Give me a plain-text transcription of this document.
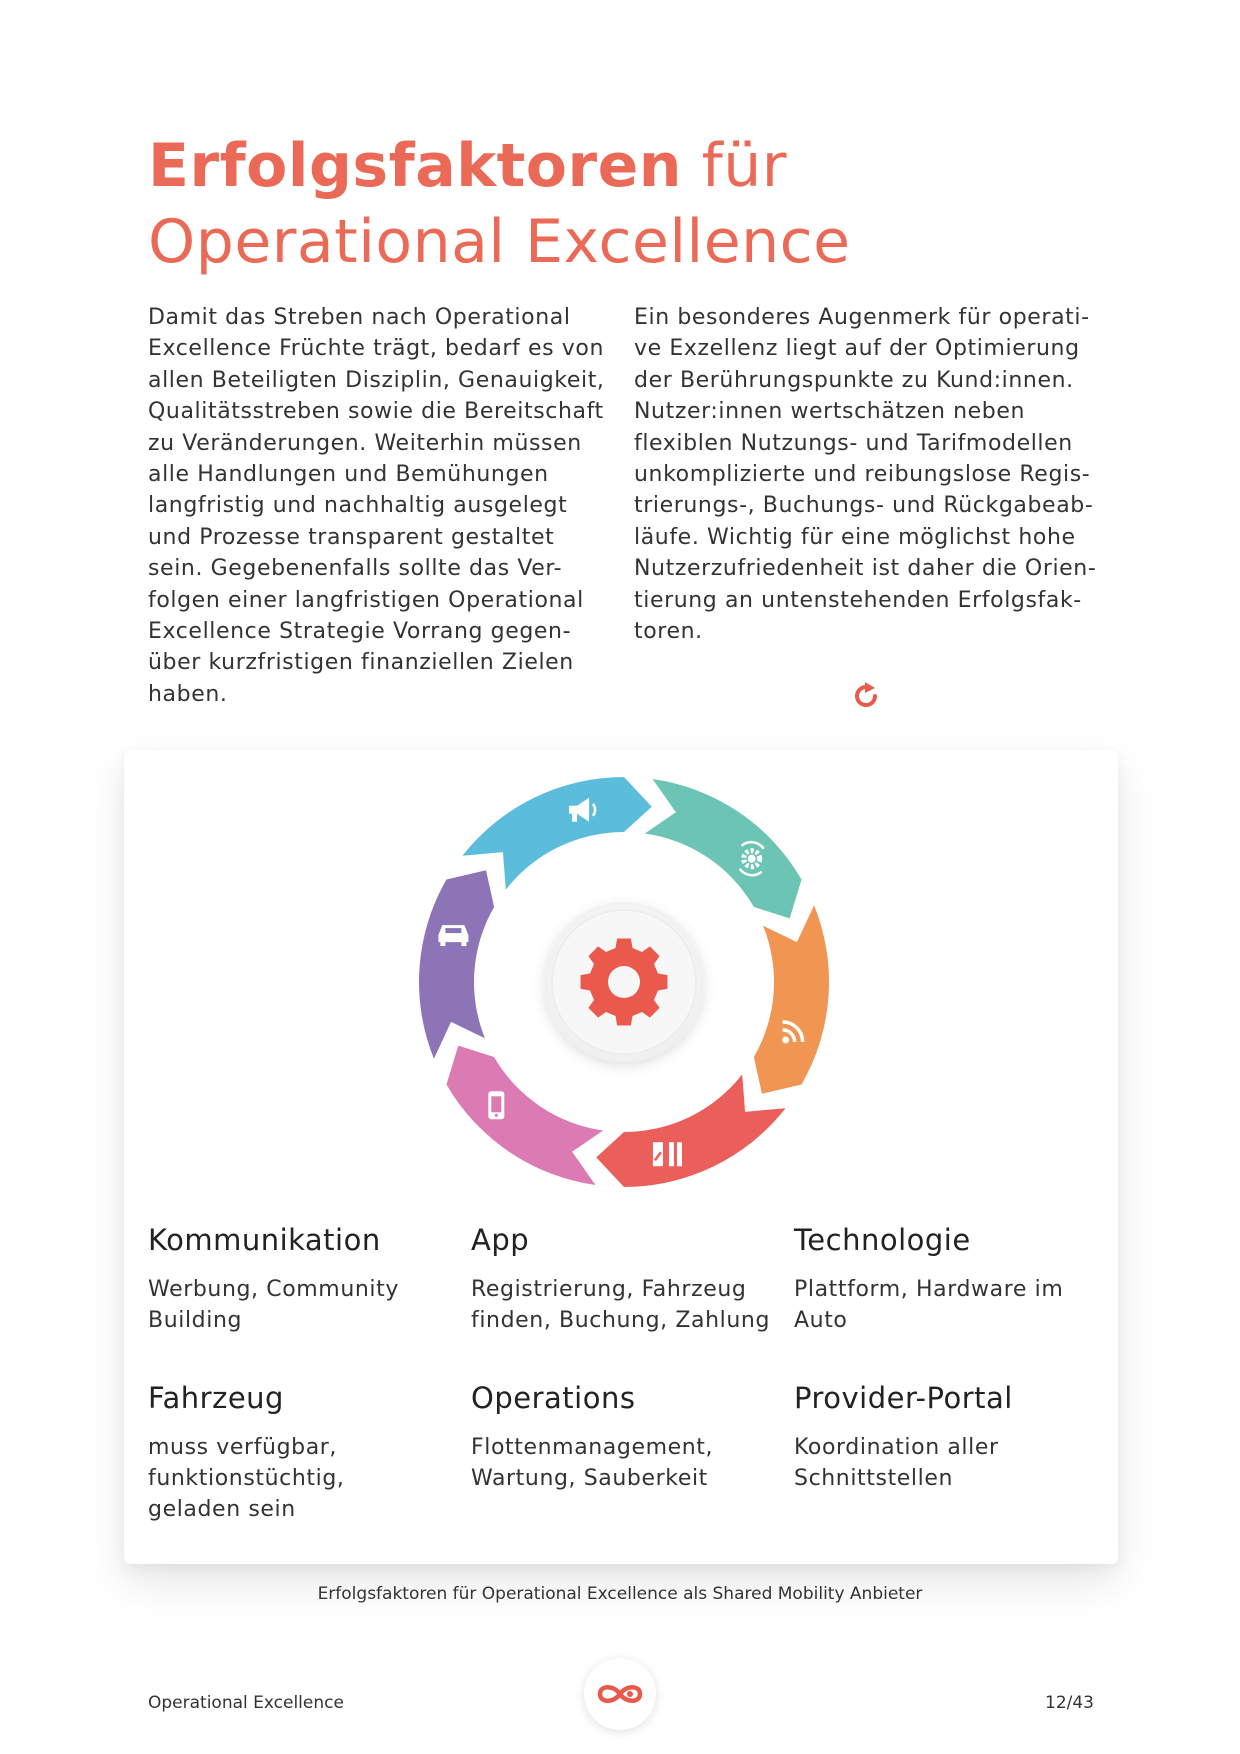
Erfolgsfaktoren für
Operational Excellence
Damit das Streben nach Operational
Excellence Früchte trägt, bedarf es von
allen Beteiligten Disziplin, Genauigkeit,
Qualitätsstreben sowie die Bereitschaft
zu Veränderungen. Weiterhin müssen
alle Handlungen und Bemühungen
langfristig und nachhaltig ausgelegt
und Prozesse transparent gestaltet
sein. Gegebenenfalls sollte das Ver-
folgen einer langfristigen Operational
Excellence Strategie Vorrang gegen-
über kurzfristigen finanziellen Zielen
haben.
Ein besonderes Augenmerk für operati-
ve Exzellenz liegt auf der Optimierung
der Berührungspunkte zu Kund:innen.
Nutzer:innen wertschätzen neben
flexiblen Nutzungs- und Tarifmodellen
unkomplizierte und reibungslose Regis-
trierungs-, Buchungs- und Rückgabeab-
läufe. Wichtig für eine möglichst hohe
Nutzerzufriedenheit ist daher die Orien-
tierung an untenstehenden Erfolgsfak-
toren.
Kommunikation

Werbung, Community
Building

App

Registrierung, Fahrzeug
finden, Buchung, Zahlung

Technologie

Plattform, Hardware im
Auto

Fahrzeug

muss verfügbar,
funktionstüchtig,
geladen sein

Operations

Flottenmanagement,
Wartung, Sauberkeit

Provider-Portal

Koordination aller
Schnittstellen

Erfolgsfaktoren für Operational Excellence als Shared Mobility Anbieter
Operational Excellence	12/43
